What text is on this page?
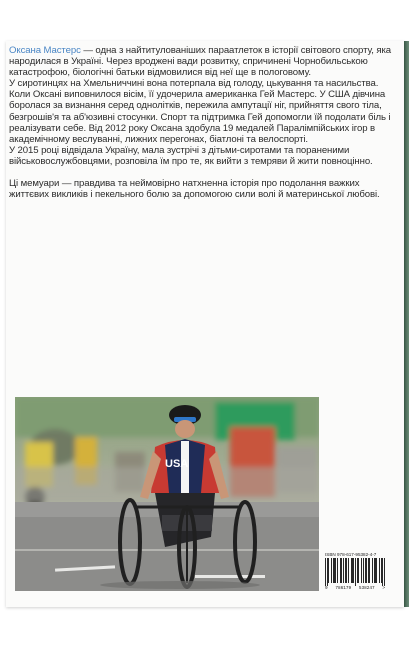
Оксана Мастерс — одна з найтитулованіших параатлеток в історії світового спорту, яка народилася в Україні. Через вроджені вади розвитку, спричинені Чорнобильською катастрофою, біологічні батьки відмовилися від неї ще в пологовому.

У сиротинцях на Хмельниччині вона потерпала від голоду, цькування та насильства. Коли Оксані виповнилося вісім, її удочерила американка Гей Мастерс. У США дівчина боролася за визнання серед однолітків, пережила ампутації ніг, прийняття свого тіла, безгрошів'я та аб'юзивні стосунки. Спорт та підтримка Гей допомогли їй подолати біль і реалізувати себе. Від 2012 року Оксана здобула 19 медалей Паралімпійських ігор в академічному веслуванні, лижних перегонах, біатлоні та велоспорті.

У 2015 році відвідала Україну, мала зустрічі з дітьми-сиротами та пораненими військовослужбовцями, розповіла їм про те, як вийти з темряви й жити повноцінно.

Ці мемуари — правдива та неймовірно натхненна історія про подолання важких життєвих викликів і пекельного болю за допомогою сили волі й материнської любові.

USA
ISBN 978-617-95382-4-7
9 786179 538247 >
